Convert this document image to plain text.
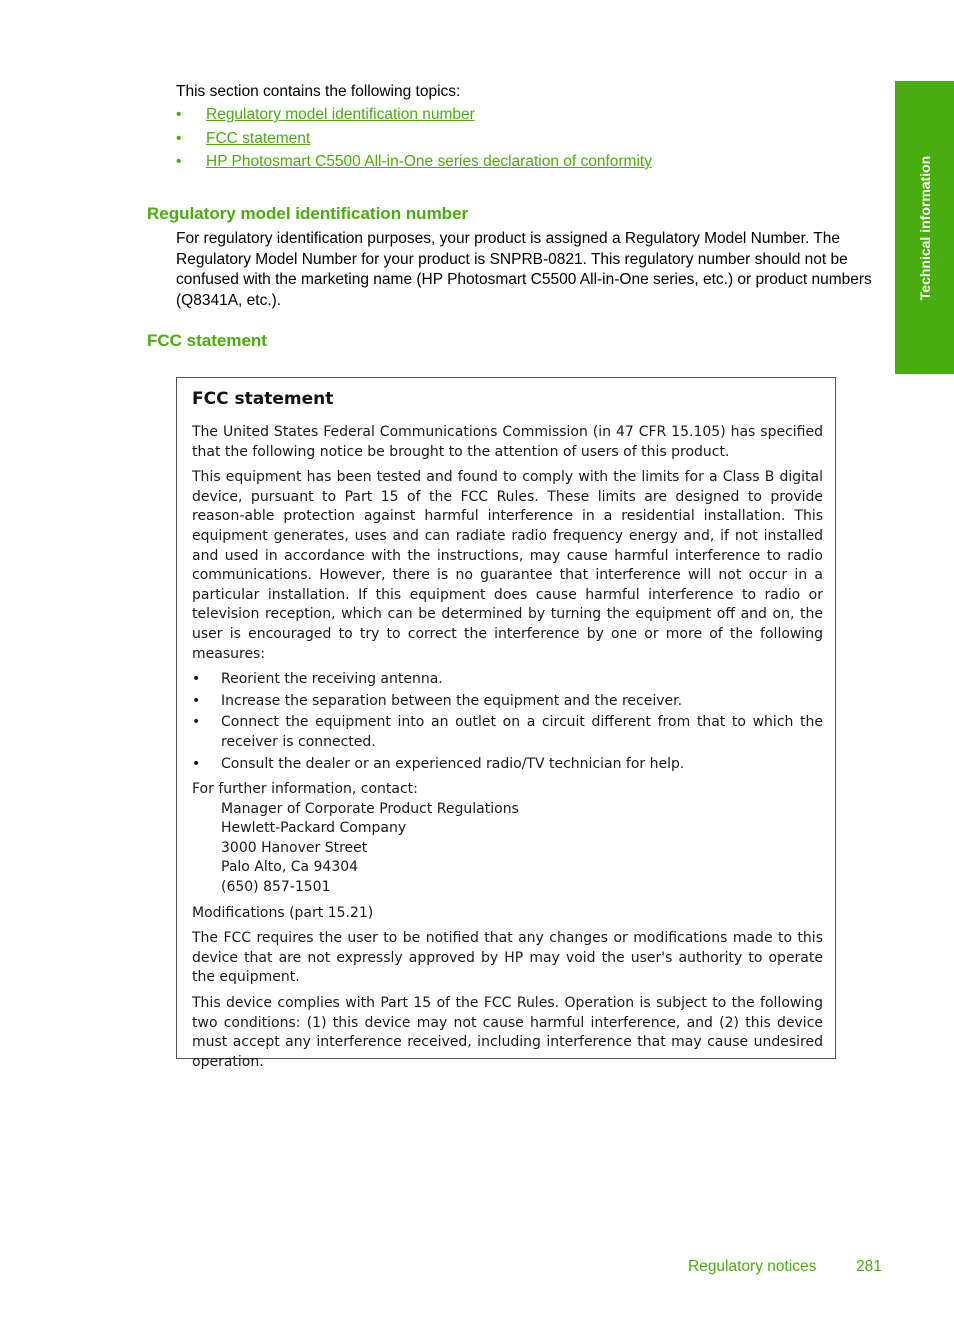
Technical information
This section contains the following topics:
• Regulatory model identification number
• FCC statement
• HP Photosmart C5500 All-in-One series declaration of conformity
Regulatory model identification number

For regulatory identification purposes, your product is assigned a Regulatory Model Number. The Regulatory Model Number for your product is SNPRB-0821. This regulatory number should not be confused with the marketing name (HP Photosmart C5500 All-in-One series, etc.) or product numbers (Q8341A, etc.).

FCC statement
FCC statement

The United States Federal Communications Commission (in 47 CFR 15.105) has specified that the following notice be brought to the attention of users of this product.

This equipment has been tested and found to comply with the limits for a Class B digital device, pursuant to Part 15 of the FCC Rules. These limits are designed to provide reason-able protection against harmful interference in a residential installation. This equipment generates, uses and can radiate radio frequency energy and, if not installed and used in accordance with the instructions, may cause harmful interference to radio communications. However, there is no guarantee that interference will not occur in a particular installation. If this equipment does cause harmful interference to radio or television reception, which can be determined by turning the equipment off and on, the user is encouraged to try to correct the interference by one or more of the following measures:

• Reorient the receiving antenna.
• Increase the separation between the equipment and the receiver.
• Connect the equipment into an outlet on a circuit different from that to which the receiver is connected.
• Consult the dealer or an experienced radio/TV technician for help.
For further information, contact:
Manager of Corporate Product Regulations
Hewlett-Packard Company
3000 Hanover Street
Palo Alto, Ca 94304
(650) 857-1501

Modifications (part 15.21)

The FCC requires the user to be notified that any changes or modifications made to this device that are not expressly approved by HP may void the user's authority to operate the equipment.

This device complies with Part 15 of the FCC Rules. Operation is subject to the following two conditions: (1) this device may not cause harmful interference, and (2) this device must accept any interference received, including interference that may cause undesired operation.

Regulatory notices	281
